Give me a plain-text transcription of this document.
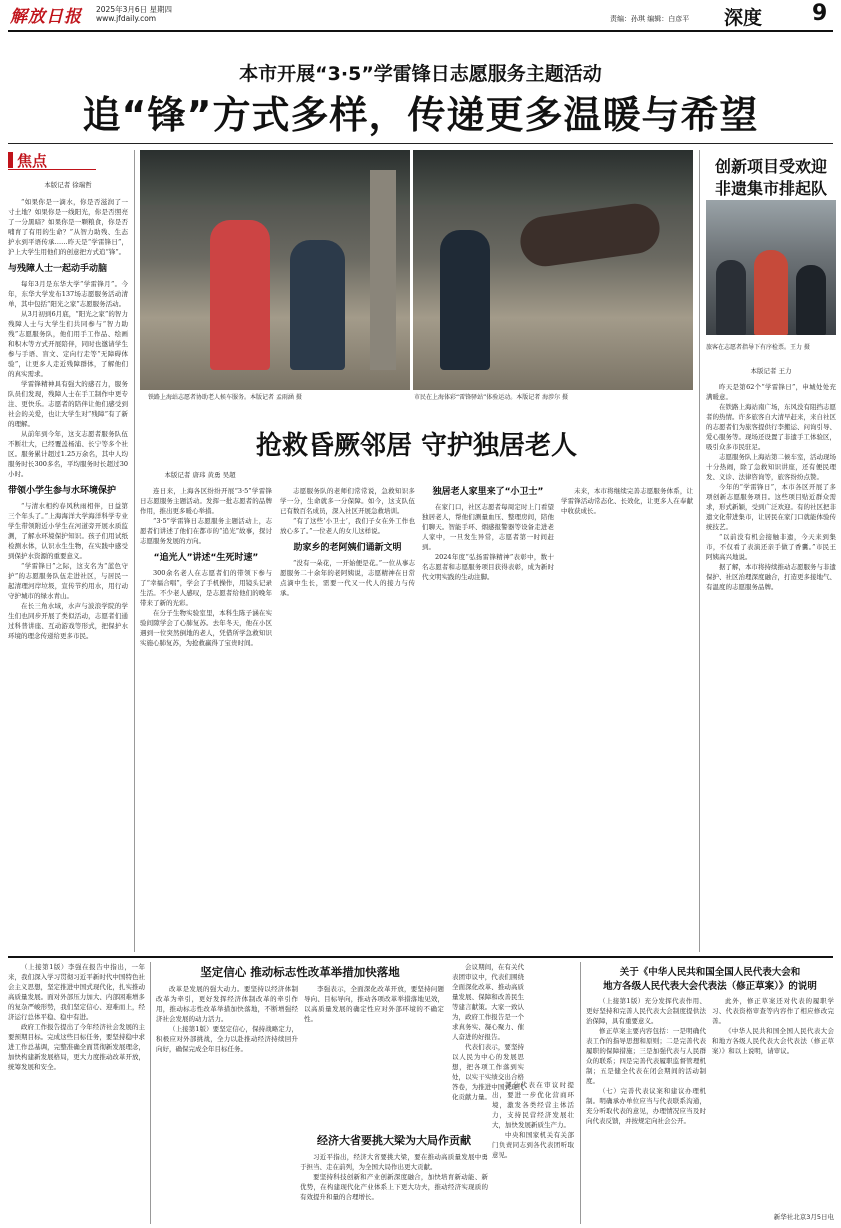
解放日报 2025年3月6日 星期四
www.jfdaily.com	责编：孙琪 编辑：白彦平 深度 9
本市开展“3·5”学雷锋日志愿服务主题活动
追“锋”方式多样，传递更多温暖与希望
焦点
本版记者 徐瑞哲

“如果你是一滴水，你是否滋润了一寸土地？如果你是一线阳光，你是否照亮了一分黑暗？如果你是一颗粮食，你是否哺育了有用的生命？”从智力助残、生态护水到平语传承……昨天是“学雷锋日”，沪上大学生用他们的创意把方式追“锋”。

与残障人士一起动手动脑

每年3月是东华大学“学雷锋月”。今年，东华大学发布137场志愿服务活动清单，其中包括“阳光之家”志愿服务活动。

从3月初到6月底，“阳光之家”的智力残障人士与大学生们共同参与“智力助残”志愿服务队，他们用手工作品、绘画和积木等方式开展陪伴，同时也邀请学生参与手语、盲文、定向行走等“无障碍体验”，让更多人走近残障群体，了解他们的真实需求。

学雷锋精神具有强大的感召力，服务队员们发现，残障人士在手工制作中更专注、更快乐。志愿者的陪伴让他们感受到社会的关爱，也让大学生对“残障”有了新的理解。

从前年到今年，这支志愿者服务队伍不断壮大，已经覆盖杨浦、长宁等多个社区。服务累计超过1.25万余名，其中人均服务时长300多名，平均服务时长超过30小时。

带领小学生参与水环境保护

“与清水相约春风秋雨相伴，日益第三个年头了。”上海海洋大学海洋科学专业学生带领附近小学生在河道旁开展水质监测，了解水环境保护知识。孩子们用试纸检测水体，认识水生生物，在实践中感受到保护水资源的重要意义。

“学雷锋日”之际，这支名为“蓝色守护”的志愿服务队伍走进社区，与居民一起清理河岸垃圾，宣传节约用水，用行动守护城市的绿水青山。

在长三角水域，水声与波浪学院的学生们也同步开展了类似活动，志愿者们通过科普讲座、互动游戏等形式，把保护水环境的理念传递给更多市民。

铁路上海站志愿者协助老人候车服务。本版记者 孟雨涵 摄	市民在上海体彩“雷锋驿站”体验运动。本版记者 海涉尔 摄
抢救昏厥邻居 守护独居老人
本版记者 唐玮 黄勇 吴超

连日来，上海各区纷纷开展“3·5”学雷锋日志愿服务主题活动。发挥一批志愿者的品牌作用，推出更多暖心举措。

“3·5”学雷锋日志愿服务主题活动上，志愿者们讲述了他们在都市的“追光”故事，探讨志愿服务发展的方向。

“追光人”讲述“生死时速”

300余名老人在志愿者们的带领下参与了“幸福合唱”，学会了手机操作，用镜头记录生活。不少老人感叹，是志愿者给他们的晚年带来了新的光彩。

在分子生物实验室里，本科生陈子涵在实验间隙学会了心肺复苏。去年冬天，他在小区遇到一位突然倒地的老人，凭借所学急救知识实施心肺复苏，为抢救赢得了宝贵时间。

志愿服务队的老师们常常说，急救知识多学一分，生命就多一分保障。如今，这支队伍已有数百名成员，深入社区开展急救培训。

“有了这些‘小卫士’，我们子女在外工作也放心多了。”一位老人的女儿这样说。

助家乡的老阿姨们诵新文明

“没有一朵花，一开始便是花。”一位从事志愿服务二十余年的老阿姨说，志愿精神在日常点滴中生长，需要一代又一代人的接力与传承。

独居老人家里来了“小卫士”

在家门口，社区志愿者每周定时上门看望独居老人，帮他们测量血压、整理房间，陪他们聊天。智能手环、烟感报警器等设备走进老人家中，一旦发生异常，志愿者第一时间赶到。

2024年度“弘扬雷锋精神”表彰中，数十名志愿者和志愿服务项目获得表彰，成为新时代文明实践的生动注脚。

未来，本市将继续完善志愿服务体系，让学雷锋活动常态化、长效化，让更多人在奉献中收获成长。

创新项目受欢迎
非遗集市排起队
旅客在志愿者指导下有序检票。王力 摄
本版记者 王力

昨天是第62个“学雷锋日”，申城处处充满暖意。

在铁路上海站南广场，东风没有阻挡志愿者的热情。许多旅客自大清早赶来，来自社区的志愿者们为旅客提供行李搬运、问询引导、爱心服务等。现场还设置了非遗手工体验区，吸引众多市民驻足。

志愿服务队上海站第二候车室，活动现场十分热闹，除了急救知识讲座，还有便民理发、义诊、法律咨询等，旅客纷纷点赞。

今年的“学雷锋日”，本市各区开展了多项创新志愿服务项目。这些项目贴近群众需求，形式新颖，受到广泛欢迎。有的社区把非遗文化带进集市，让居民在家门口就能体验传统技艺。

“以前没有机会接触非遗，今天来到集市，不仅看了表演还亲手做了香囊。”市民王阿姨高兴地说。

据了解，本市将持续推动志愿服务与非遗保护、社区治理深度融合，打造更多接地气、有温度的志愿服务品牌。

（上接第1版）李强在报告中指出，一年来，我们深入学习贯彻习近平新时代中国特色社会主义思想，坚定推进中国式现代化，扎实推动高质量发展。面对外部压力加大、内部困难增多的复杂严峻形势，我们坚定信心、迎难而上，经济运行总体平稳、稳中有进。

政府工作报告提出了今年经济社会发展的主要预期目标。完成这些目标任务，要坚持稳中求进工作总基调，完整准确全面贯彻新发展理念，加快构建新发展格局，更大力度推动改革开放，统筹发展和安全。

坚定信心 推动标志性改革举措加快落地

改革是发展的强大动力。要坚持以经济体制改革为牵引，更好发挥经济体制改革的牵引作用，推动标志性改革举措加快落地，不断增强经济社会发展的动力活力。

（上接第1版）要坚定信心，保持战略定力，积极应对外部挑战，全力以赴推动经济持续回升向好，确保完成全年目标任务。

李强表示，全面深化改革开放，要坚持问题导向、目标导向，推动各项改革举措落地见效，以高质量发展的确定性应对外部环境的不确定性。

会议期间，在有关代表团审议中，代表们围绕全面深化改革、推动高质量发展、保障和改善民生等建言献策。大家一致认为，政府工作报告是一个求真务实、凝心聚力、催人奋进的好报告。

代表们表示，要坚持以人民为中心的发展思想，把各项工作落到实处，以实干实绩交出合格答卷，为推进中国式现代化贡献力量。

部分代表在审议时提出，要进一步优化营商环境，激发各类经营主体活力，支持民营经济发展壮大，加快发展新质生产力。

中央和国家机关有关部门负责同志到各代表团听取意见。

经济大省要挑大梁为大局作贡献

习近平指出，经济大省要挑大梁，要在推动高质量发展中勇于担当、走在前列，为全国大局作出更大贡献。

要坚持科技创新和产业创新深度融合，加快培育新动能、新优势，在构建现代化产业体系上下更大功夫，推动经济实现质的有效提升和量的合理增长。

关于《中华人民共和国全国人民代表大会和
地方各级人民代表大会代表法（修正草案）》的说明

（上接第1版）充分发挥代表作用、更好坚持和完善人民代表大会制度提供法治保障，具有重要意义。

修正草案主要内容包括：一是明确代表工作的指导思想和原则；二是完善代表履职的保障措施；三是加强代表与人民群众的联系；四是完善代表履职监督管理机制；五是健全代表在闭会期间的活动制度。

（七）完善代表议案和建议办理机制。明确承办单位应当与代表联系沟通，充分听取代表的意见，办理情况应当及时向代表反馈，并按规定向社会公开。

此外，修正草案还对代表的履职学习、代表资格审查等内容作了相应修改完善。

《中华人民共和国全国人民代表大会和地方各级人民代表大会代表法（修正草案）》和以上说明，请审议。

新华社北京3月5日电
